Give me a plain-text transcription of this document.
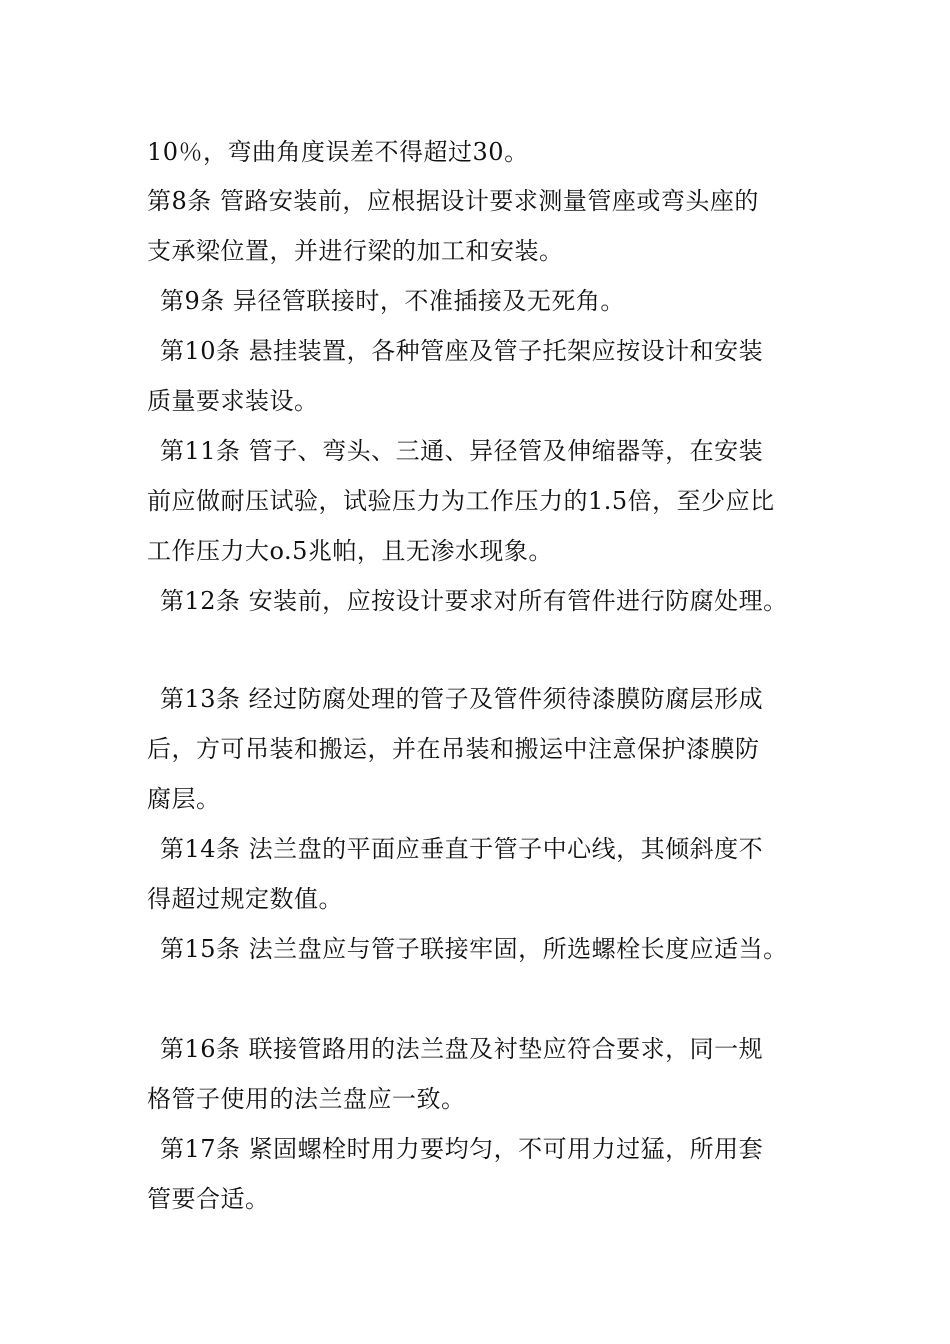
10％，弯曲角度误差不得超过30。
第8条 管路安装前，应根据设计要求测量管座或弯头座的
支承梁位置，并进行梁的加工和安装。
第9条 异径管联接时，不准插接及无死角。
第10条 悬挂装置，各种管座及管子托架应按设计和安装
质量要求装设。
第11条 管子、弯头、三通、异径管及伸缩器等，在安装
前应做耐压试验，试验压力为工作压力的1.5倍，至少应比
工作压力大o.5兆帕，且无渗水现象。
第12条 安装前，应按设计要求对所有管件进行防腐处理。
第13条 经过防腐处理的管子及管件须待漆膜防腐层形成
后，方可吊装和搬运，并在吊装和搬运中注意保护漆膜防
腐层。
第14条 法兰盘的平面应垂直于管子中心线，其倾斜度不
得超过规定数值。
第15条 法兰盘应与管子联接牢固，所选螺栓长度应适当。
第16条 联接管路用的法兰盘及衬垫应符合要求，同一规
格管子使用的法兰盘应一致。
第17条 紧固螺栓时用力要均匀，不可用力过猛，所用套
管要合适。
